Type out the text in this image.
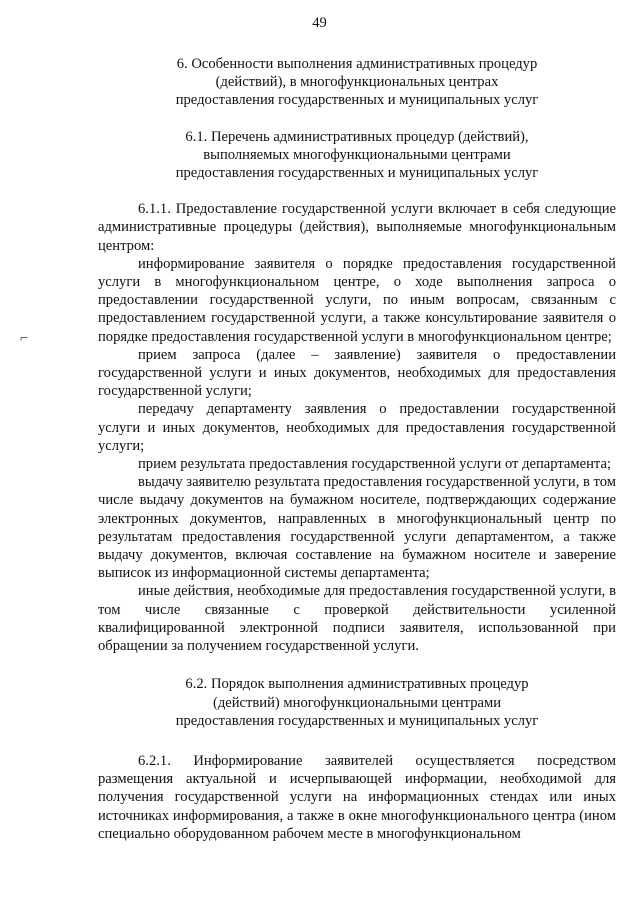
49
⌐
6. Особенности выполнения административных процедур
(действий), в многофункциональных центрах
предоставления государственных и муниципальных услуг
6.1. Перечень административных процедур (действий),
выполняемых многофункциональными центрами
предоставления государственных и муниципальных услуг

6.1.1. Предоставление государственной услуги включает в себя следующие административные процедуры (действия), выполняемые многофункциональным центром:

информирование заявителя о порядке предоставления государственной услуги в многофункциональном центре, о ходе выполнения запроса о предоставлении государственной услуги, по иным вопросам, связанным с предоставлением государственной услуги, а также консультирование заявителя о порядке предоставления государственной услуги в многофункциональном центре;

прием запроса (далее – заявление) заявителя о предоставлении государственной услуги и иных документов, необходимых для предоставления государственной услуги;

передачу департаменту заявления о предоставлении государственной услуги и иных документов, необходимых для предоставления государственной услуги;

прием результата предоставления государственной услуги от департамента;

выдачу заявителю результата предоставления государственной услуги, в том числе выдачу документов на бумажном носителе, подтверждающих содержание электронных документов, направленных в многофункциональный центр по результатам предоставления государственной услуги департаментом, а также выдачу документов, включая составление на бумажном носителе и заверение выписок из информационной системы департамента;

иные действия, необходимые для предоставления государственной услуги, в том числе связанные с проверкой действительности усиленной квалифицированной электронной подписи заявителя, использованной при обращении за получением государственной услуги.

6.2. Порядок выполнения административных процедур
(действий) многофункциональными центрами
предоставления государственных и муниципальных услуг

6.2.1. Информирование заявителей осуществляется посредством размещения актуальной и исчерпывающей информации, необходимой для получения государственной услуги на информационных стендах или иных источниках информирования, а также в окне многофункционального центра (ином специально оборудованном рабочем месте в многофункциональном
